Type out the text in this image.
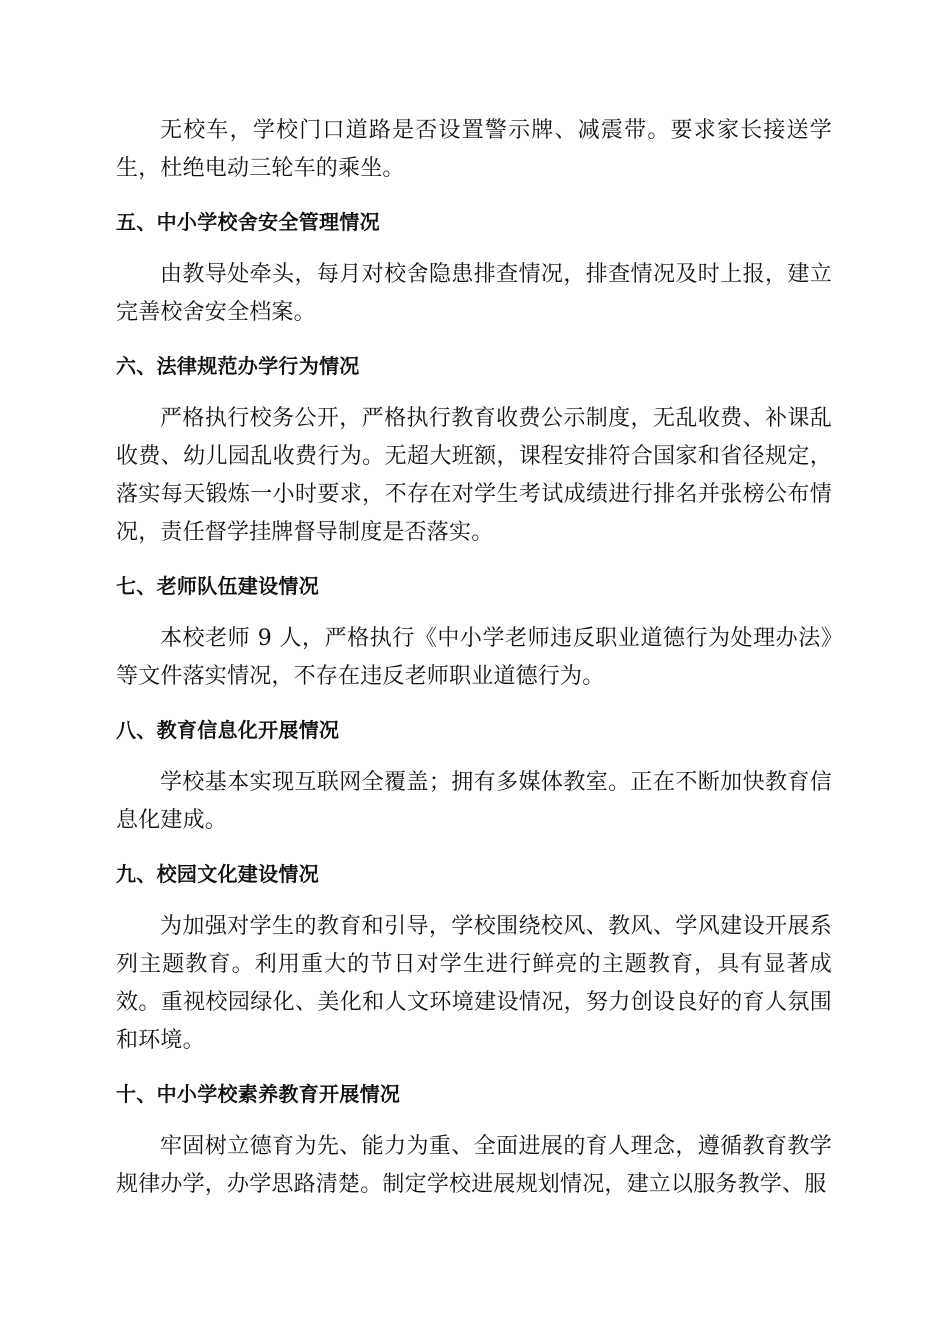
无校车，学校门口道路是否设置警示牌、减震带。要求家长接送学生，杜绝电动三轮车的乘坐。

五、中小学校舍安全管理情况

由教导处牵头，每月对校舍隐患排查情况，排查情况及时上报，建立完善校舍安全档案。

六、法律规范办学行为情况

严格执行校务公开，严格执行教育收费公示制度，无乱收费、补课乱收费、幼儿园乱收费行为。无超大班额，课程安排符合国家和省径规定，落实每天锻炼一小时要求，不存在对学生考试成绩进行排名并张榜公布情况，责任督学挂牌督导制度是否落实。

七、老师队伍建设情况

本校老师 9 人，严格执行《中小学老师违反职业道德行为处理办法》等文件落实情况，不存在违反老师职业道德行为。

八、教育信息化开展情况

学校基本实现互联网全覆盖；拥有多媒体教室。正在不断加快教育信息化建成。

九、校园文化建设情况

为加强对学生的教育和引导，学校围绕校风、教风、学风建设开展系列主题教育。利用重大的节日对学生进行鲜亮的主题教育，具有显著成效。重视校园绿化、美化和人文环境建设情况，努力创设良好的育人氛围和环境。

十、中小学校素养教育开展情况

牢固树立德育为先、能力为重、全面进展的育人理念，遵循教育教学规律办学，办学思路清楚。制定学校进展规划情况，建立以服务教学、服
